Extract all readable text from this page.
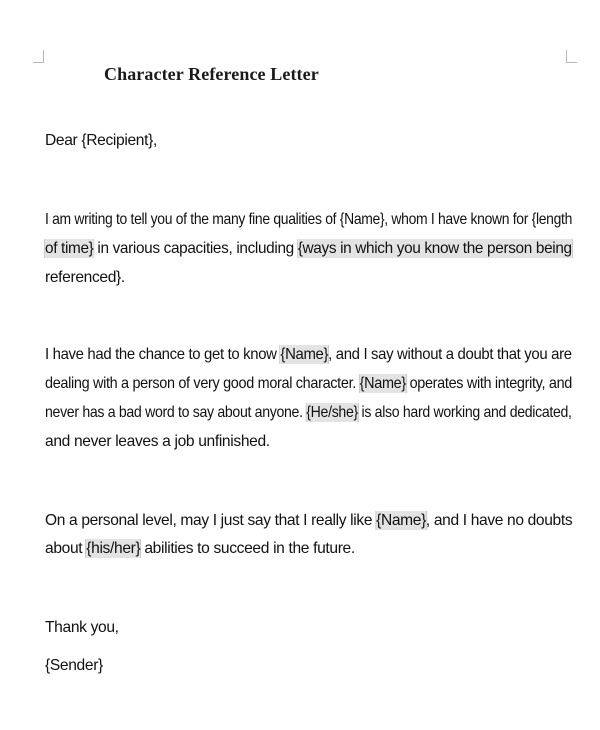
Character Reference Letter
Dear {Recipient},
I am writing to tell you of the many fine qualities of {Name}, whom I have known for {length
of time} in various capacities, including {ways in which you know the person being
referenced}.
I have had the chance to get to know {Name}, and I say without a doubt that you are
dealing with a person of very good moral character. {Name} operates with integrity, and
never has a bad word to say about anyone. {He/she} is also hard working and dedicated,
and never leaves a job unfinished.
On a personal level, may I just say that I really like {Name}, and I have no doubts
about {his/her} abilities to succeed in the future.
Thank you,
{Sender}
